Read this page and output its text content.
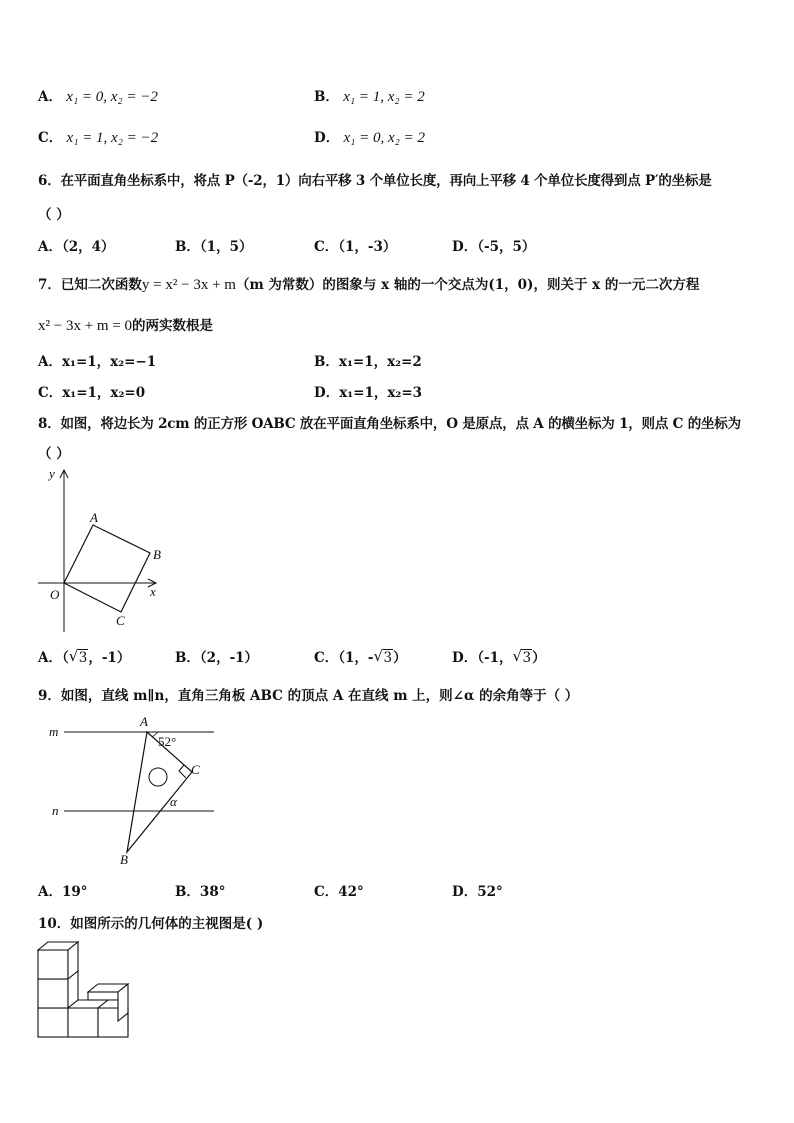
A． x₁ = 0, x₂ = −2	B． x₁ = 1, x₂ = 2
C． x₁ = 1, x₂ = −2	D． x₁ = 0, x₂ = 2
6．在平面直角坐标系中，将点 P（-2，1）向右平移 3 个单位长度，再向上平移 4 个单位长度得到点 P′的坐标是
（ ）
A．（2，4）	B．（1，5）	C．（1，-3）	D．（-5，5）
7．已知二次函数y = x² − 3x + m（m 为常数）的图象与 x 轴的一个交点为(1，0)，则关于 x 的一元二次方程
x² − 3x + m = 0的两实数根是
A．x₁=1，x₂=−1	B．x₁=1，x₂=2
C．x₁=1，x₂=0	D．x₁=1，x₂=3
8．如图，将边长为 2cm 的正方形 OABC 放在平面直角坐标系中，O 是原点，点 A 的横坐标为 1，则点 C 的坐标为
（ ）
y
x
O
A
B
C
A．（ √ 3，-1）	B．（2，-1）	C．（1，- √ 3）	D．（-1， √ 3）
9．如图，直线 m∥n，直角三角板 ABC 的顶点 A 在直线 m 上，则∠α 的余角等于（ ）
m
n
A
C
B
52°
α
A．19°	B．38°	C．42°	D．52°
10．如图所示的几何体的主视图是( )
